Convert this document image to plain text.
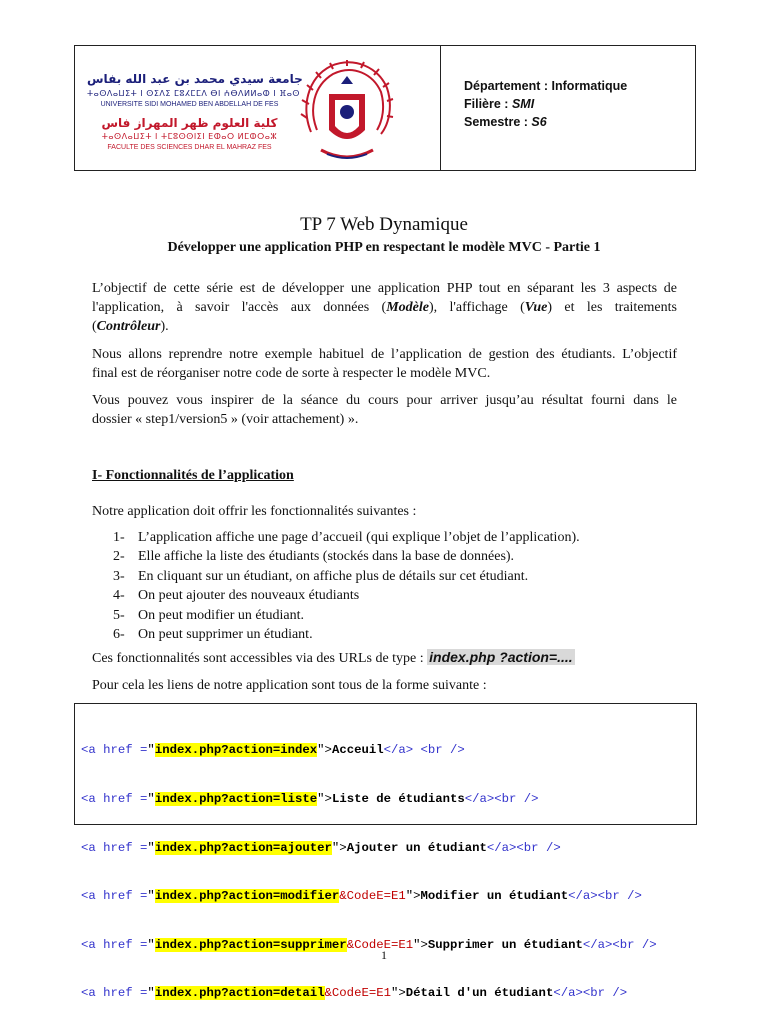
جامعة سيدي محمد بن عبد الله بفاس
ⵜⴰⵙⴷⴰⵡⵉⵜ ⵏ ⵙⵉⴷⵉ ⵎⵓⵃⵎⵎⴷ ⴱⵏ ⵄⴱⴷⵍⵍⴰⵀ ⵏ ⴼⴰⵙ
UNIVERSITE SIDI MOHAMED BEN ABDELLAH DE FES
كلية العلوم ظهر المهراز فاس
ⵜⴰⵙⴷⴰⵡⵉⵜ ⵏ ⵜⵎⵓⵙⵙⵏⵉⵏ ⴹⵀⴰⵔ ⵍⵎⵀⵔⴰⵣ
FACULTE DES SCIENCES DHAR EL MAHRAZ FES
Département : Informatique
Filière : SMI
Semestre : S6
TP 7 Web Dynamique
Développer une application PHP en respectant le modèle MVC - Partie 1
L’objectif de cette série est de développer une application PHP tout en séparant les 3 aspects de
l'application, à savoir l'accès aux données (Modèle), l'affichage (Vue) et les traitements
(Contrôleur).
Nous allons reprendre notre exemple habituel de l’application de gestion des étudiants. L’objectif
final est de réorganiser notre code de sorte à respecter le modèle MVC.
Vous pouvez vous inspirer de la séance du cours pour arriver jusqu’au résultat fourni dans le
dossier « step1/version5 » (voir attachement) ».
I- Fonctionnalités de l’application
Notre application doit offrir les fonctionnalités suivantes :
1- L’application affiche une page d’accueil (qui explique l’objet de l’application).
2- Elle affiche la liste des étudiants (stockés dans la base de données).
3- En cliquant sur un étudiant, on affiche plus de détails sur cet étudiant.
4- On peut ajouter des nouveaux étudiants
5- On peut modifier un étudiant.
6- On peut supprimer un étudiant.
Ces fonctionnalités sont accessibles via des URLs de type : index.php ?action=....
Pour cela les liens de notre application sont tous de la forme suivante :

<a href ="index.php?action=index">Acceuil</a> <br />

<a href ="index.php?action=liste">Liste de étudiants</a><br />

<a href ="index.php?action=ajouter">Ajouter un étudiant</a><br />

<a href ="index.php?action=modifier&CodeE=E1">Modifier un étudiant</a><br />

<a href ="index.php?action=supprimer&CodeE=E1">Supprimer un étudiant</a><br />

<a href ="index.php?action=detail&CodeE=E1">Détail d'un étudiant</a><br />

1
